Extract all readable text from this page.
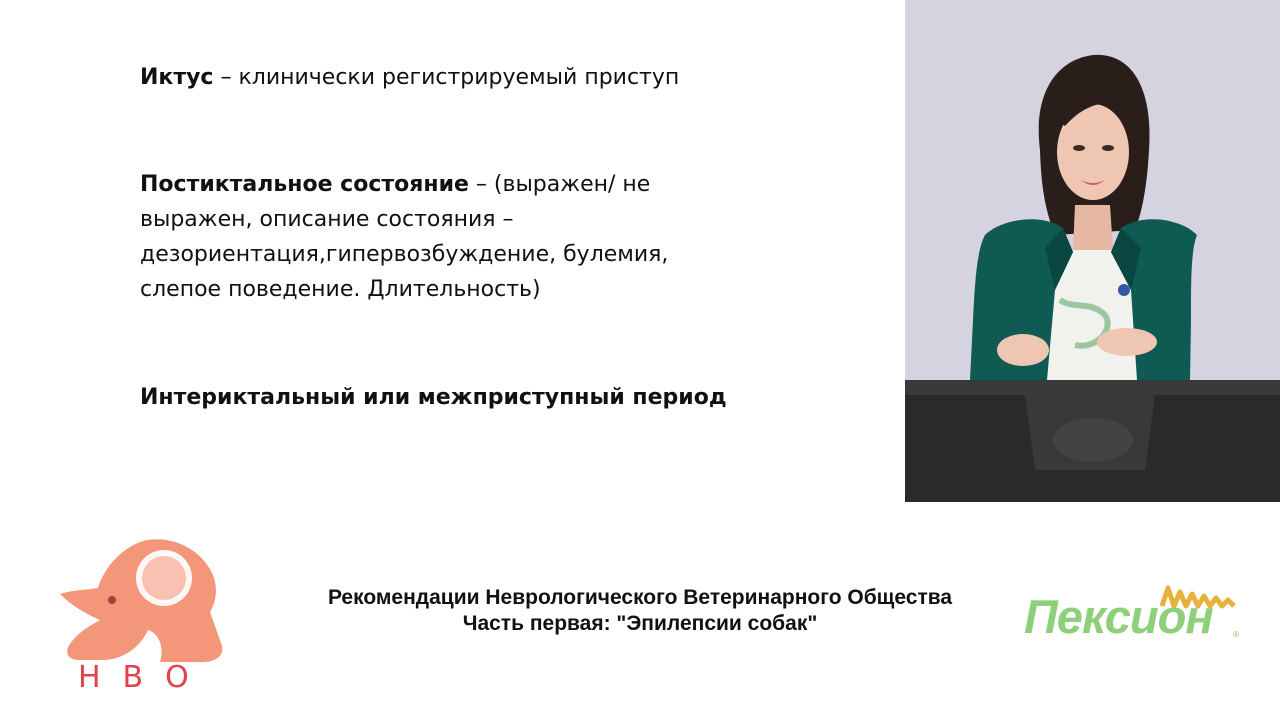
Иктус – клинически регистрируемый приступ

Постиктальное состояние – (выражен/ не выражен, описание состояния – дезориентация,гипервозбуждение, булемия, слепое поведение. Длительность)

Интериктальный или межприступный период

НВО
Рекомендации Неврологического Ветеринарного Общества
Часть первая: "Эпилепсии собак"	Пексион ®
